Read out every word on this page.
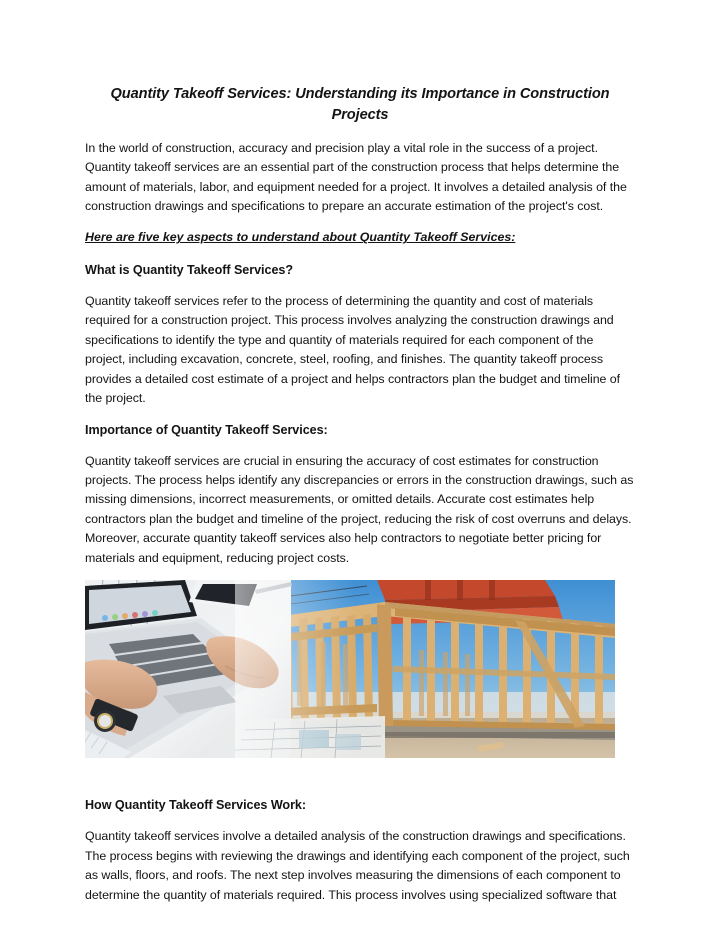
Quantity Takeoff Services: Understanding its Importance in Construction Projects

In the world of construction, accuracy and precision play a vital role in the success of a project. Quantity takeoff services are an essential part of the construction process that helps determine the amount of materials, labor, and equipment needed for a project. It involves a detailed analysis of the construction drawings and specifications to prepare an accurate estimation of the project's cost.

Here are five key aspects to understand about Quantity Takeoff Services:

What is Quantity Takeoff Services?

Quantity takeoff services refer to the process of determining the quantity and cost of materials required for a construction project. This process involves analyzing the construction drawings and specifications to identify the type and quantity of materials required for each component of the project, including excavation, concrete, steel, roofing, and finishes. The quantity takeoff process provides a detailed cost estimate of a project and helps contractors plan the budget and timeline of the project.

Importance of Quantity Takeoff Services:

Quantity takeoff services are crucial in ensuring the accuracy of cost estimates for construction projects. The process helps identify any discrepancies or errors in the construction drawings, such as missing dimensions, incorrect measurements, or omitted details. Accurate cost estimates help contractors plan the budget and timeline of the project, reducing the risk of cost overruns and delays. Moreover, accurate quantity takeoff services also help contractors to negotiate better pricing for materials and equipment, reducing project costs.

How Quantity Takeoff Services Work:

Quantity takeoff services involve a detailed analysis of the construction drawings and specifications. The process begins with reviewing the drawings and identifying each component of the project, such as walls, floors, and roofs. The next step involves measuring the dimensions of each component to determine the quantity of materials required. This process involves using specialized software that
